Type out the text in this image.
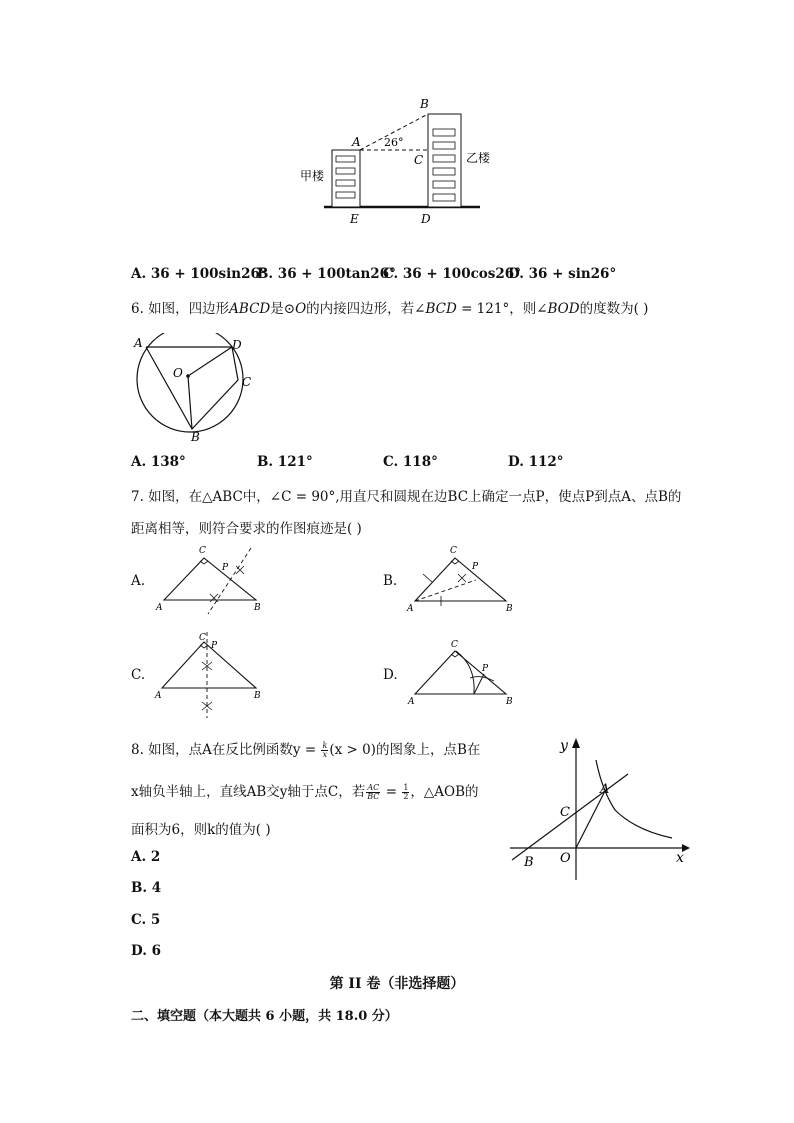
A
B
C
D
E
26°
甲楼
乙楼
A. 36 + 100sin26°
B. 36 + 100tan26°
C. 36 + 100cos26°
D. 36 + sin26°
6. 如图，四边形ABCD是⊙O的内接四边形，若∠BCD = 121°，则∠BOD的度数为( )
A	D
C
B
O
A. 138°	B. 121°	C. 118°	D. 112°
7. 如图，在△ABC中，∠C = 90°,用直尺和圆规在边BC上确定一点P，使点P到点A、点B的
距离相等，则符合要求的作图痕迹是( )
A.
C
P
A	B
B.
C
P
A	B
C.
C
P
A	B
D.
C
P
A	B
8. 如图，点A在反比例函数$y = \frac{k}{x} (x > 0)$的图象上，点B在
x轴负半轴上，直线AB交y轴于点C，若 $\frac{AC}{BC} = \frac{1}{2}$ ，△AOB的
面积为6，则k的值为( )
A. 2
B. 4
C. 5
D. 6
y
x
A
B
C
O
第 II 卷（非选择题）
二、填空题（本大题共 6 小题，共 18.0 分）
